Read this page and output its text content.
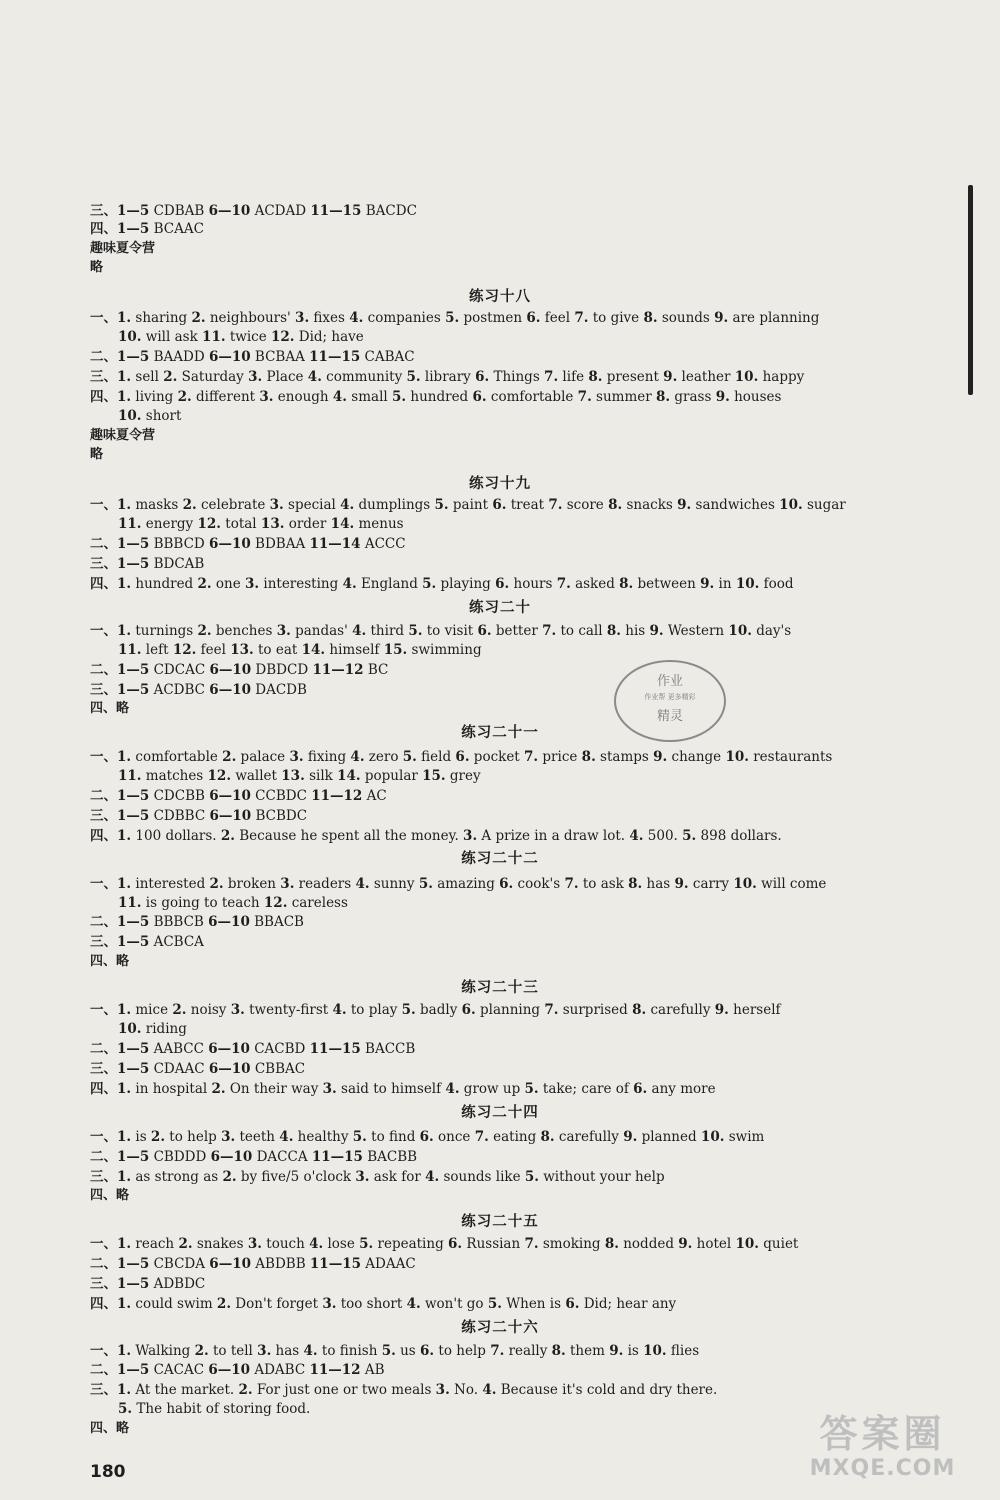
作业
作业帮 更多精彩
精灵
答案圈
MXQE.COM
180
三、1—5 CDBAB 6—10 ACDAD 11—15 BACDC
四、1—5 BCAAC
趣味夏令营
略
练习十八
一、1. sharing 2. neighbours' 3. fixes 4. companies 5. postmen 6. feel 7. to give 8. sounds 9. are planning
10. will ask 11. twice 12. Did; have
二、1—5 BAADD 6—10 BCBAA 11—15 CABAC
三、1. sell 2. Saturday 3. Place 4. community 5. library 6. Things 7. life 8. present 9. leather 10. happy
四、1. living 2. different 3. enough 4. small 5. hundred 6. comfortable 7. summer 8. grass 9. houses
10. short
趣味夏令营
略
练习十九
一、1. masks 2. celebrate 3. special 4. dumplings 5. paint 6. treat 7. score 8. snacks 9. sandwiches 10. sugar
11. energy 12. total 13. order 14. menus
二、1—5 BBBCD 6—10 BDBAA 11—14 ACCC
三、1—5 BDCAB
四、1. hundred 2. one 3. interesting 4. England 5. playing 6. hours 7. asked 8. between 9. in 10. food
练习二十
一、1. turnings 2. benches 3. pandas' 4. third 5. to visit 6. better 7. to call 8. his 9. Western 10. day's
11. left 12. feel 13. to eat 14. himself 15. swimming
二、1—5 CDCAC 6—10 DBDCD 11—12 BC
三、1—5 ACDBC 6—10 DACDB
四、略
练习二十一
一、1. comfortable 2. palace 3. fixing 4. zero 5. field 6. pocket 7. price 8. stamps 9. change 10. restaurants
11. matches 12. wallet 13. silk 14. popular 15. grey
二、1—5 CDCBB 6—10 CCBDC 11—12 AC
三、1—5 CDBBC 6—10 BCBDC
四、1. 100 dollars. 2. Because he spent all the money. 3. A prize in a draw lot. 4. 500. 5. 898 dollars.
练习二十二
一、1. interested 2. broken 3. readers 4. sunny 5. amazing 6. cook's 7. to ask 8. has 9. carry 10. will come
11. is going to teach 12. careless
二、1—5 BBBCB 6—10 BBACB
三、1—5 ACBCA
四、略
练习二十三
一、1. mice 2. noisy 3. twenty-first 4. to play 5. badly 6. planning 7. surprised 8. carefully 9. herself
10. riding
二、1—5 AABCC 6—10 CACBD 11—15 BACCB
三、1—5 CDAAC 6—10 CBBAC
四、1. in hospital 2. On their way 3. said to himself 4. grow up 5. take; care of 6. any more
练习二十四
一、1. is 2. to help 3. teeth 4. healthy 5. to find 6. once 7. eating 8. carefully 9. planned 10. swim
二、1—5 CBDDD 6—10 DACCA 11—15 BACBB
三、1. as strong as 2. by five/5 o'clock 3. ask for 4. sounds like 5. without your help
四、略
练习二十五
一、1. reach 2. snakes 3. touch 4. lose 5. repeating 6. Russian 7. smoking 8. nodded 9. hotel 10. quiet
二、1—5 CBCDA 6—10 ABDBB 11—15 ADAAC
三、1—5 ADBDC
四、1. could swim 2. Don't forget 3. too short 4. won't go 5. When is 6. Did; hear any
练习二十六
一、1. Walking 2. to tell 3. has 4. to finish 5. us 6. to help 7. really 8. them 9. is 10. flies
二、1—5 CACAC 6—10 ADABC 11—12 AB
三、1. At the market. 2. For just one or two meals 3. No. 4. Because it's cold and dry there.
5. The habit of storing food.
四、略
